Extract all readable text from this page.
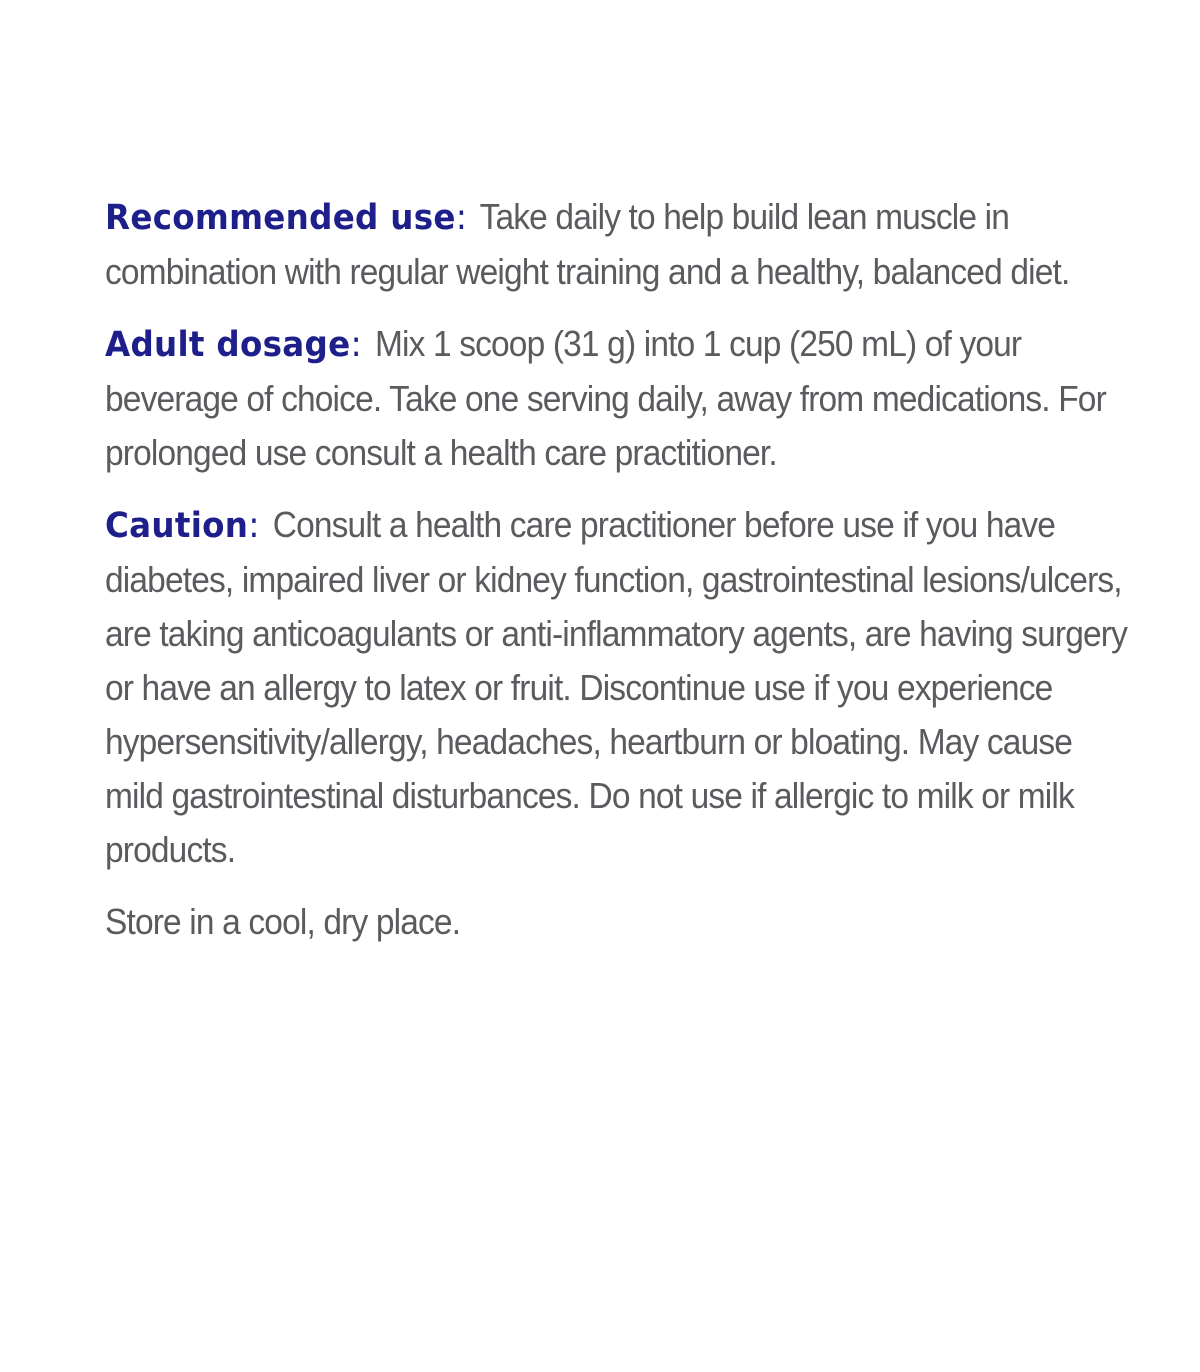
Recommended use: Take daily to help build lean muscle in combination with regular weight training and a healthy, balanced diet.

Adult dosage: Mix 1 scoop (31 g) into 1 cup (250 mL) of your beverage of choice. Take one serving daily, away from medications. For prolonged use consult a health care practitioner.

Caution: Consult a health care practitioner before use if you have diabetes, impaired liver or kidney function, gastrointestinal lesions/ulcers, are taking anticoagulants or anti-inflammatory agents, are having surgery or have an allergy to latex or fruit. Discontinue use if you experience hypersensitivity/allergy, headaches, heartburn or bloating. May cause mild gastrointestinal disturbances. Do not use if allergic to milk or milk products.

Store in a cool, dry place.
